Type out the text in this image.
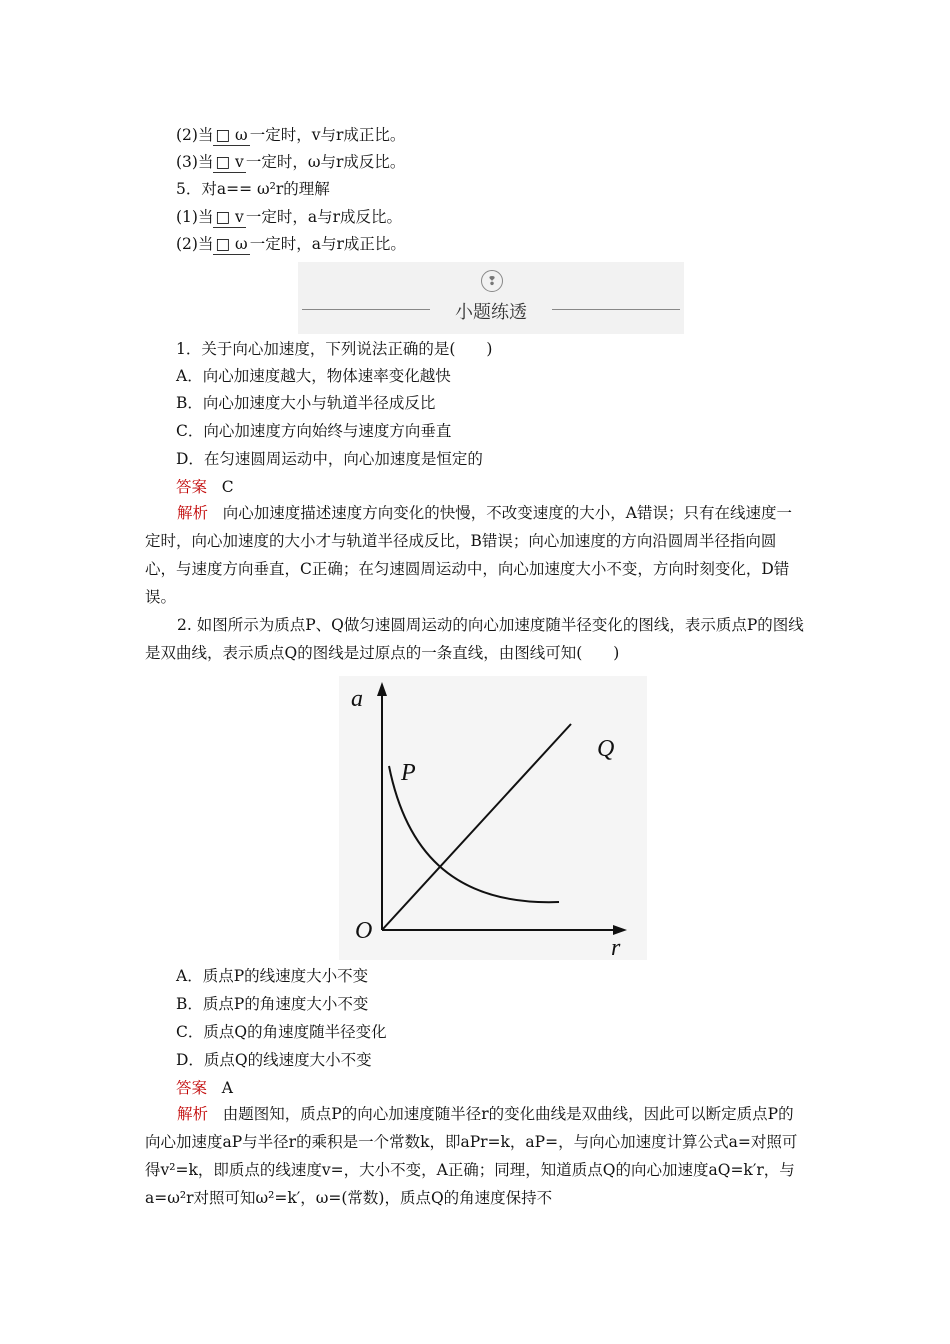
(2)当 □ ω 一定时，v与r成正比。
(3)当 □ v 一定时，ω与r成反比。
5．对a== ω²r的理解
(1)当 □ v 一定时，a与r成反比。
(2)当 □ ω 一定时，a与r成正比。
❢
小题练透
1．关于向心加速度，下列说法正确的是(　　)
A．向心加速度越大，物体速率变化越快
B．向心加速度大小与轨道半径成反比
C．向心加速度方向始终与速度方向垂直
D．在匀速圆周运动中，向心加速度是恒定的
答案 C
解析 向心加速度描述速度方向变化的快慢，不改变速度的大小，A错误；只有在线速度一定时，向心加速度的大小才与轨道半径成反比，B错误；向心加速度的方向沿圆周半径指向圆心，与速度方向垂直，C正确；在匀速圆周运动中，向心加速度大小不变，方向时刻变化，D错误。
2. 如图所示为质点P、Q做匀速圆周运动的向心加速度随半径变化的图线，表示质点P的图线是双曲线，表示质点Q的图线是过原点的一条直线，由图线可知(　　)
a
r
O
P
Q
A．质点P的线速度大小不变
B．质点P的角速度大小不变
C．质点Q的角速度随半径变化
D．质点Q的线速度大小不变
答案 A
解析 由题图知，质点P的向心加速度随半径r的变化曲线是双曲线，因此可以断定质点P的向心加速度aP与半径r的乘积是一个常数k，即aPr=k，aP=，与向心加速度计算公式a=对照可得v²=k，即质点的线速度v=，大小不变，A正确；同理，知道质点Q的向心加速度aQ=k′r，与a=ω²r对照可知ω²=k′，ω=(常数)，质点Q的角速度保持不
